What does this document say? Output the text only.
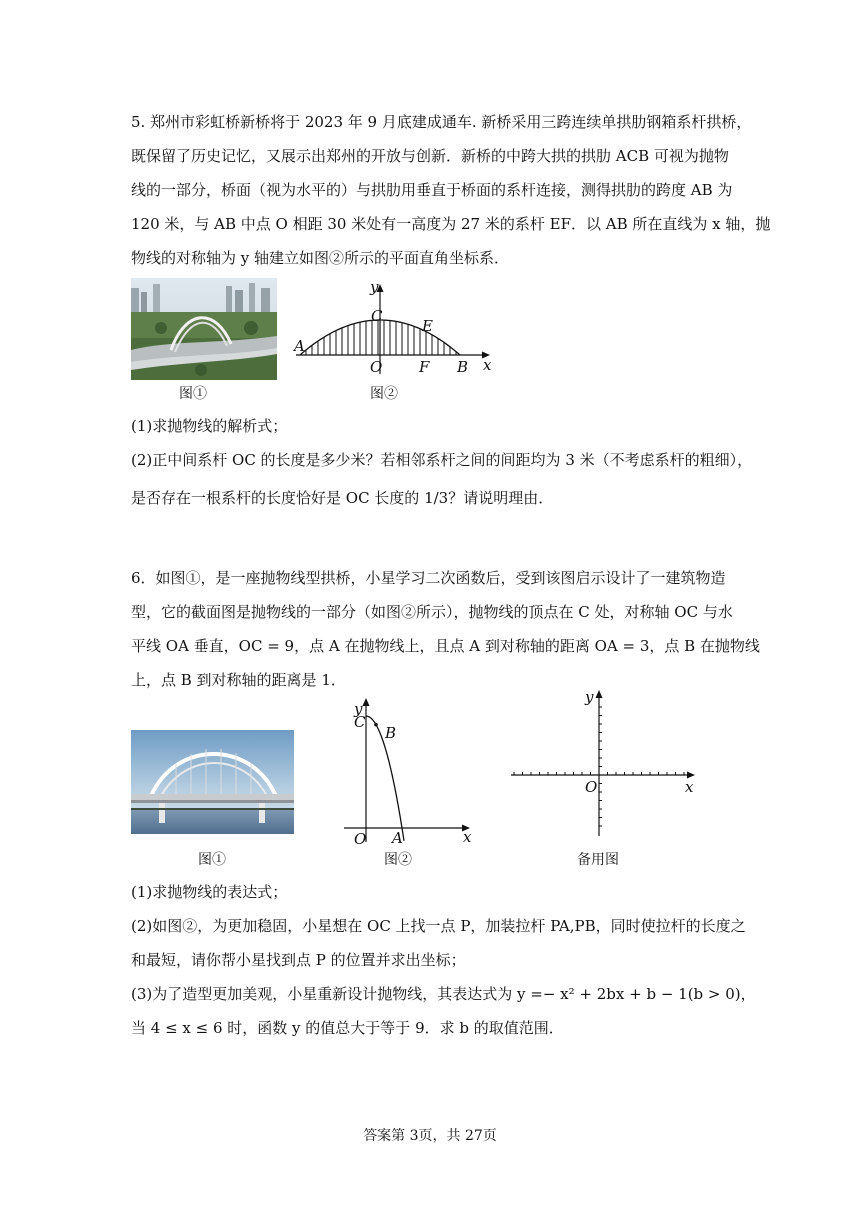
5. 郑州市彩虹桥新桥将于 2023 年 9 月底建成通车. 新桥采用三跨连续单拱肋钢箱系杆拱桥，
既保留了历史记忆，又展示出郑州的开放与创新．新桥的中跨大拱的拱肋 ACB 可视为抛物
线的一部分，桥面（视为水平的）与拱肋用垂直于桥面的系杆连接，测得拱肋的跨度 AB 为
120 米，与 AB 中点 O 相距 30 米处有一高度为 27 米的系杆 EF．以 AB 所在直线为 x 轴，抛
物线的对称轴为 y 轴建立如图②所示的平面直角坐标系．
图①
y
x
A
C
E
O F B
图②
(1)求抛物线的解析式；
(2)正中间系杆 OC 的长度是多少米？若相邻系杆之间的间距均为 3 米（不考虑系杆的粗细），
是否存在一根系杆的长度恰好是 OC 长度的 1/3？请说明理由．
6．如图①，是一座抛物线型拱桥，小星学习二次函数后，受到该图启示设计了一建筑物造
型，它的截面图是抛物线的一部分（如图②所示），抛物线的顶点在 C 处，对称轴 OC 与水
平线 OA 垂直，OC = 9，点 A 在抛物线上，且点 A 到对称轴的距离 OA = 3，点 B 在抛物线
上，点 B 到对称轴的距离是 1．
图①
y
x
C
B
O A
图②
y
x
O
备用图
(1)求抛物线的表达式；
(2)如图②，为更加稳固，小星想在 OC 上找一点 P，加装拉杆 PA,PB，同时使拉杆的长度之
和最短，请你帮小星找到点 P 的位置并求出坐标；
(3)为了造型更加美观，小星重新设计抛物线，其表达式为 y =− x² + 2bx + b − 1(b > 0)，
当 4 ≤ x ≤ 6 时，函数 y 的值总大于等于 9．求 b 的取值范围．
答案第 3页，共 27页
